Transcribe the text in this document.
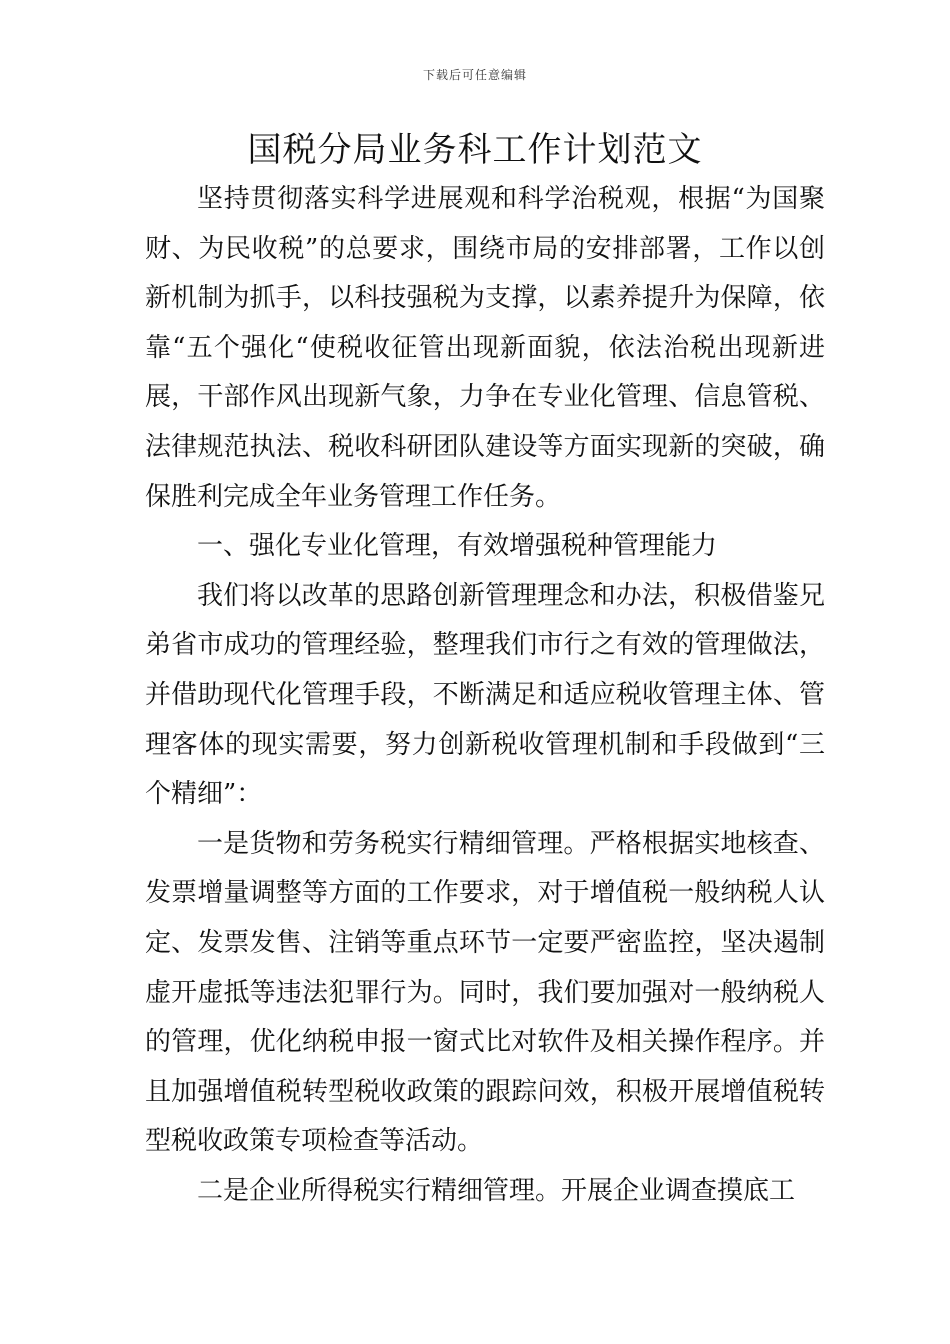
下载后可任意编辑
国税分局业务科工作计划范文

坚持贯彻落实科学进展观和科学治税观，根据“为国聚财、为民收税”的总要求，围绕市局的安排部署，工作以创新机制为抓手，以科技强税为支撑，以素养提升为保障，依靠“五个强化“使税收征管出现新面貌，依法治税出现新进展，干部作风出现新气象，力争在专业化管理、信息管税、法律规范执法、税收科研团队建设等方面实现新的突破，确保胜利完成全年业务管理工作任务。

一、强化专业化管理，有效增强税种管理能力

我们将以改革的思路创新管理理念和办法，积极借鉴兄弟省市成功的管理经验，整理我们市行之有效的管理做法，并借助现代化管理手段，不断满足和适应税收管理主体、管理客体的现实需要，努力创新税收管理机制和手段做到“三个精细”：

一是货物和劳务税实行精细管理。严格根据实地核查、发票增量调整等方面的工作要求，对于增值税一般纳税人认定、发票发售、注销等重点环节一定要严密监控，坚决遏制虚开虚抵等违法犯罪行为。同时，我们要加强对一般纳税人的管理，优化纳税申报一窗式比对软件及相关操作程序。并且加强增值税转型税收政策的跟踪问效，积极开展增值税转型税收政策专项检查等活动。

二是企业所得税实行精细管理。开展企业调查摸底工
